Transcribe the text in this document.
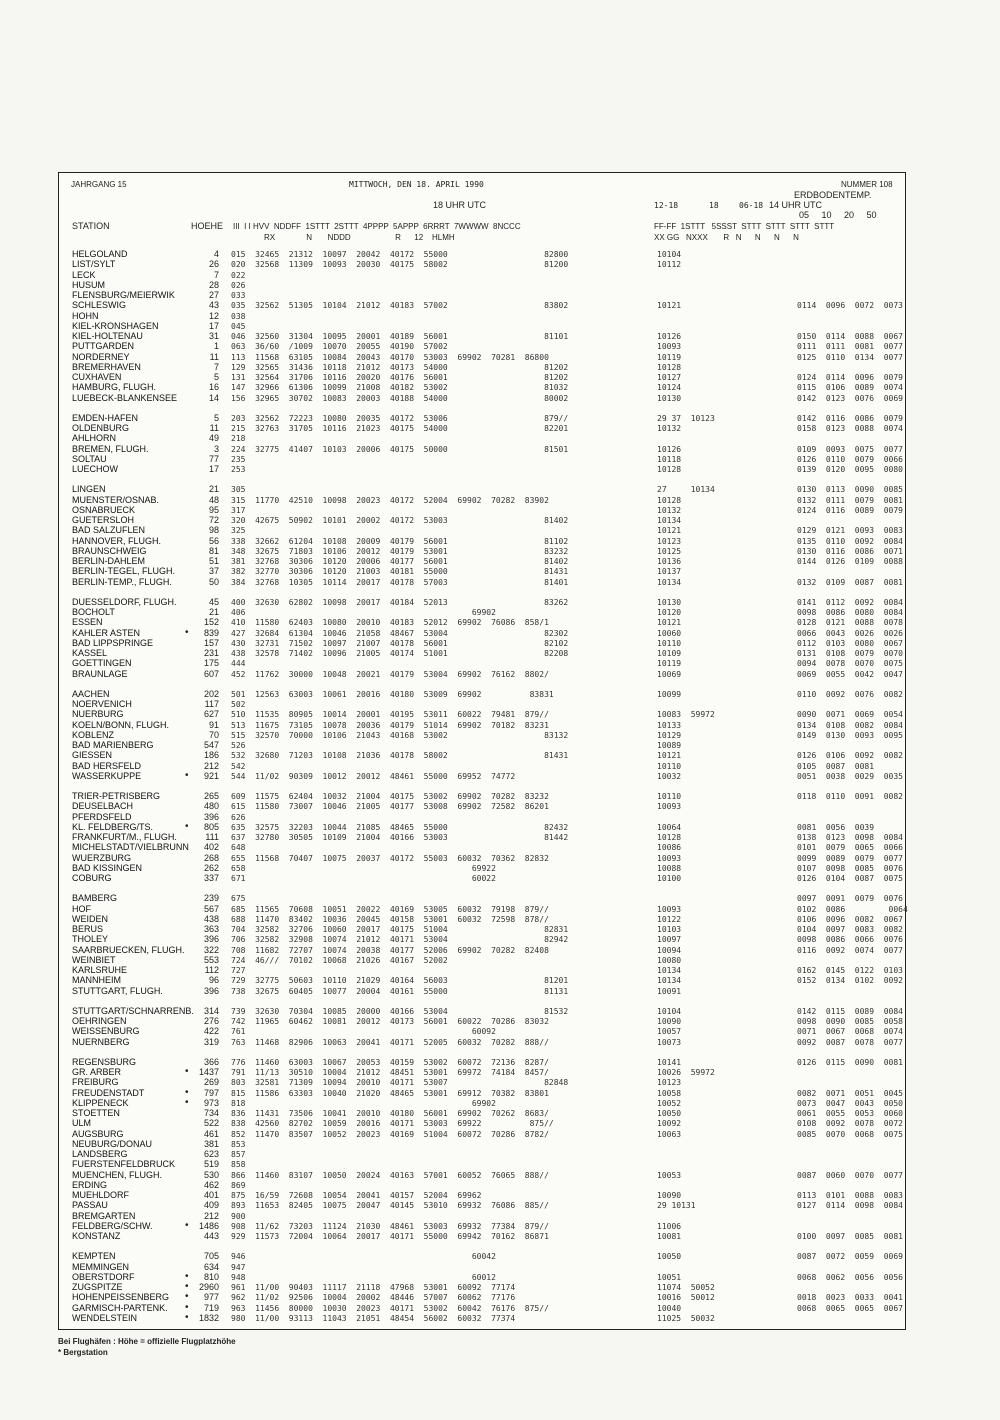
JAHRGANG 15	MITTWOCH, DEN 18. APRIL 1990	NUMMER 108
ERDBODENTEMP.
18 UHR UTC	12-18	18	06-18 14 UHR UTC
05     10     20     50
STATION	HOEHE III  I I HVV  NDDFF  1STTT  2STTT  4PPPP  5APPP  6RRRT  7WWWW  8NCCC
RX              N       NDDD                    R      12    HLMH
FF-FF  1STTT   5SSST  STTT  STTT  STTT  STTT
XX GG   NXXX       R   N      N      N      N
HELGOLAND	4 015  32465  21312  10097  20042  40172  55000                    82800	10104
LIST/SYLT	26 020  32568  11309  10093  20030  40175  58002                    81200	10112
LECK	7 022
HUSUM	28 026
FLENSBURG/MEIERWIK	27 033
SCHLESWIG	43 035  32562  51305  10104  21012  40183  57002                    83802	10121	0114  0096  0072  0073
HOHN	12 038
KIEL-KRONSHAGEN	17 045
KIEL-HOLTENAU	31 046  32560  31304  10095  20001  40189  56001                    81101	10126	0150  0114  0088  0067
PUTTGARDEN	1 063  36/60  /1009  10070  20055  40190  57002	10093	0111  0111  0081  0077
NORDERNEY	11 113  11568  63105  10084  20043  40170  53003  69902  70281  86800	10119	0125  0110  0134  0077
BREMERHAVEN	7 129  32565  31436  10118  21012  40173  54000                    81202	10128
CUXHAVEN	5 131  32564  31706  10116  20020  40176  56001                    81202	10127	0124  0114  0096  0079
HAMBURG, FLUGH.	16 147  32966  61306  10099  21008  40182  53002                    81032	10124	0115  0106  0089  0074
LUEBECK-BLANKENSEE	14 156  32965  30702  10083  20003  40188  54000                    80002	10130	0142  0123  0076  0069
EMDEN-HAFEN	5 203  32562  72223  10080  20035  40172  53006                    879//	29 37  10123	0142  0116  0086  0079
OLDENBURG	11 215  32763  31705  10116  21023  40175  54000                    82201	10132	0158  0123  0088  0074
AHLHORN	49 218
BREMEN, FLUGH.	3 224  32775  41407  10103  20006  40175  50000                    81501	10126	0109  0093  0075  0077
SOLTAU	77 235	10118	0126  0110  0079  0066
LUECHOW	17 253	10128	0139  0120  0095  0080
LINGEN	21 305	27     10134	0130  0113  0090  0085
MUENSTER/OSNAB.	48 315  11770  42510  10098  20023  40172  52004  69902  70282  83902	10128	0132  0111  0079  0081
OSNABRUECK	95 317	10132	0124  0116  0089  0079
GUETERSLOH	72 320  42675  50902  10101  20002  40172  53003                    81402	10134
BAD SALZUFLEN	98 325	10121	0129  0121  0093  0083
HANNOVER, FLUGH.	56 338  32662  61204  10108  20009  40179  56001                    81102	10123	0135  0110  0092  0084
BRAUNSCHWEIG	81 348  32675  71803  10106  20012  40179  53001                    83232	10125	0130  0116  0086  0071
BERLIN-DAHLEM	51 381  32768  30306  10120  20006  40177  56001                    81402	10136	0144  0126  0109  0088
BERLIN-TEGEL, FLUGH.	37 382  32770  30306  10120  21003  40181  55000                    81431	10137
BERLIN-TEMP., FLUGH.	50 384  32768  10305  10114  20017  40178  57003                    81401	10134	0132  0109  0087  0081
DUESSELDORF, FLUGH.	45 400  32630  62802  10098  20017  40184  52013                    83262	10130	0141  0112  0092  0084
BOCHOLT	21 406                                               69902	10120	0098  0086  0080  0084
ESSEN	152 410  11580  62403  10080  20010  40183  52012  69902  76086  858/1	10121	0128  0121  0088  0078
KAHLER ASTEN	839 427  32684  61304  10046  21058  48467  53004                    82302	10060	0066  0043  0026  0026
•
BAD LIPPSPRINGE	157 430  32731  71502  10097  21007  40178  56001                    82102	10110	0112  0103  0080  0067
KASSEL	231 438  32578  71402  10096  21005  40174  51001                    82208	10109	0131  0108  0079  0070
GOETTINGEN	175 444	10119	0094  0078  0070  0075
BRAUNLAGE	607 452  11762  30000  10048  20021  40179  53004  69902  76162  8802/	10069	0069  0055  0042  0047
AACHEN	202 501  12563  63003  10061  20016  40180  53009  69902          83831	10099	0110  0092  0076  0082
NOERVENICH	117 502
NUERBURG	627 510  11535  80905  10014  20001  40195  53011  60022  79481  879//	10083  59972	0090  0071  0069  0054
KOELN/BONN, FLUGH.	91 513  11675  73105  10078  20036  40179  51014  69902  70182  83231	10133	0134  0108  0082  0084
KOBLENZ	70 515  32570  70000  10106  21043  40168  53002                    83132	10129	0149  0130  0093  0095
BAD MARIENBERG	547 526	10089
GIESSEN	186 532  32680  71203  10108  21036  40178  58002                    81431	10121	0126  0106  0092  0082
BAD HERSFELD	212 542	10110	0105  0087  0081
WASSERKUPPE	921 544  11/02  90309  10012  20012  48461  55000  69952  74772	10032	0051  0038  0029  0035
•
TRIER-PETRISBERG	265 609  11575  62404  10032  21004  40175  53002  69902  70282  83232	10110	0118  0110  0091  0082
DEUSELBACH	480 615  11580  73007  10046  21005  40177  53008  69902  72582  86201	10093
PFERDSFELD	396 626
KL. FELDBERG/TS.	805 635  32575  32203  10044  21085  48465  55000                    82432	10064	0081  0056  0039
•
FRANKFURT/M., FLUGH.	111 637  32780  30505  10109  21004  40166  53003                    81442	10128	0138  0123  0098  0084
MICHELSTADT/VIELBRUNN	402 648	10086	0101  0079  0065  0066
WUERZBURG	268 655  11568  70407  10075  20037  40172  55003  60032  70362  82832	10093	0099  0089  0079  0077
BAD KISSINGEN	262 658                                               69922	10088	0107  0098  0085  0076
COBURG	337 671                                               60022	10100	0126  0104  0087  0075
BAMBERG	239 675	0097  0091  0079  0076
HOF	567 685  11565  70608  10051  20022  40169  53005  60032  79198  879//	10093	0102  0086         0064
WEIDEN	438 688  11470  83402  10036  20045  40158  53001  60032  72598  878//	10122	0106  0096  0082  0067
BERUS	363 704  32582  32706  10060  20017  40175  51004                    82831	10103	0104  0097  0083  0082
THOLEY	396 706  32582  32908  10074  21012  40171  53004                    82942	10097	0098  0086  0066  0076
SAARBRUECKEN, FLUGH.	322 708  11682  72707  10074  20038  40177  52006  69902  70282  82408	10094	0116  0092  0074  0077
WEINBIET	553 724  46///  70102  10068  21026  40167  52002	10080
KARLSRUHE	112 727	10134	0162  0145  0122  0103
MANNHEIM	96 729  32775  50603  10110  21029  40164  56003                    81201	10134	0152  0134  0102  0092
STUTTGART, FLUGH.	396 738  32675  60405  10077  20004  40161  55000                    81131	10091
STUTTGART/SCHNARRENB.	314 739  32630  70304  10085  20000  40166  53004                    81532	10104	0142  0115  0089  0084
OEHRINGEN	276 742  11965  60462  10081  20012  40173  56001  60022  70286  83032	10090	0098  0090  0085  0058
WEISSENBURG	422 761                                               60092	10057	0071  0067  0068  0074
NUERNBERG	319 763  11468  82906  10063  20041  40171  52005  60032  70282  888//	10073	0092  0087  0078  0077
REGENSBURG	366 776  11460  63003  10067  20053  40159  53002  60072  72136  8287/	10141	0126  0115  0090  0081
GR. ARBER	1437 791  11/13  30510  10004  21012  48451  53001  69972  74184  8457/	10026  59972
•
FREIBURG	269 803  32581  71309  10094  20010  40171  53007                    82848	10123
FREUDENSTADT	797 815  11586  63303  10040  21020  48465  53001  69912  70382  83801	10058	0082  0071  0051  0045
•
KLIPPENECK	973 818                                               69902	10052	0073  0047  0043  0050
•
STOETTEN	734 836  11431  73506  10041  20010  40180  56001  69902  70262  8683/	10050	0061  0055  0053  0060
ULM	522 838  42560  82702  10059  20016  40171  53003  69922          875//	10092	0108  0092  0078  0072
AUGSBURG	461 852  11470  83507  10052  20023  40169  51004  60072  70286  8782/	10063	0085  0070  0068  0075
NEUBURG/DONAU	381 853
LANDSBERG	623 857
FUERSTENFELDBRUCK	519 858
MUENCHEN, FLUGH.	530 866  11460  83107  10050  20024  40163  57001  60052  76065  888//	10053	0087  0060  0070  0077
ERDING	462 869
MUEHLDORF	401 875  16/59  72608  10054  20041  40157  52004  69962	10090	0113  0101  0088  0083
PASSAU	409 893  11653  82405  10075  20047  40145  53010  69932  76086  885//	29 10131	0127  0114  0098  0084
BREMGARTEN	212 900
FELDBERG/SCHW.	1486 908  11/62  73203  11124  21030  48461  53003  69932  77384  879//	11006
•
KONSTANZ	443 929  11573  72004  10064  20017  40171  55000  69942  70162  86871	10081	0100  0097  0085  0081
KEMPTEN	705 946                                               60042	10050	0087  0072  0059  0069
MEMMINGEN	634 947
OBERSTDORF	810 948                                               60012	10051	0068  0062  0056  0056
•
ZUGSPITZE	2960 961  11/00  90403  11117  21118  47968  53001  60092  77174	11074  50052
•
HOHENPEISSENBERG	977 962  11/02  92506  10004  20002  48446  57007  60062  77176	10016  50012	0018  0023  0033  0041
•
GARMISCH-PARTENK.	719 963  11456  80000  10030  20023  40171  53002  60042  76176  875//	10040	0068  0065  0065  0067
•
WENDELSTEIN	1832 980  11/00  93113  11043  21051  48454  56002  60032  77374	11025  50032
•
Bei Flughäfen : Höhe = offizielle Flugplatzhöhe
* Bergstation
